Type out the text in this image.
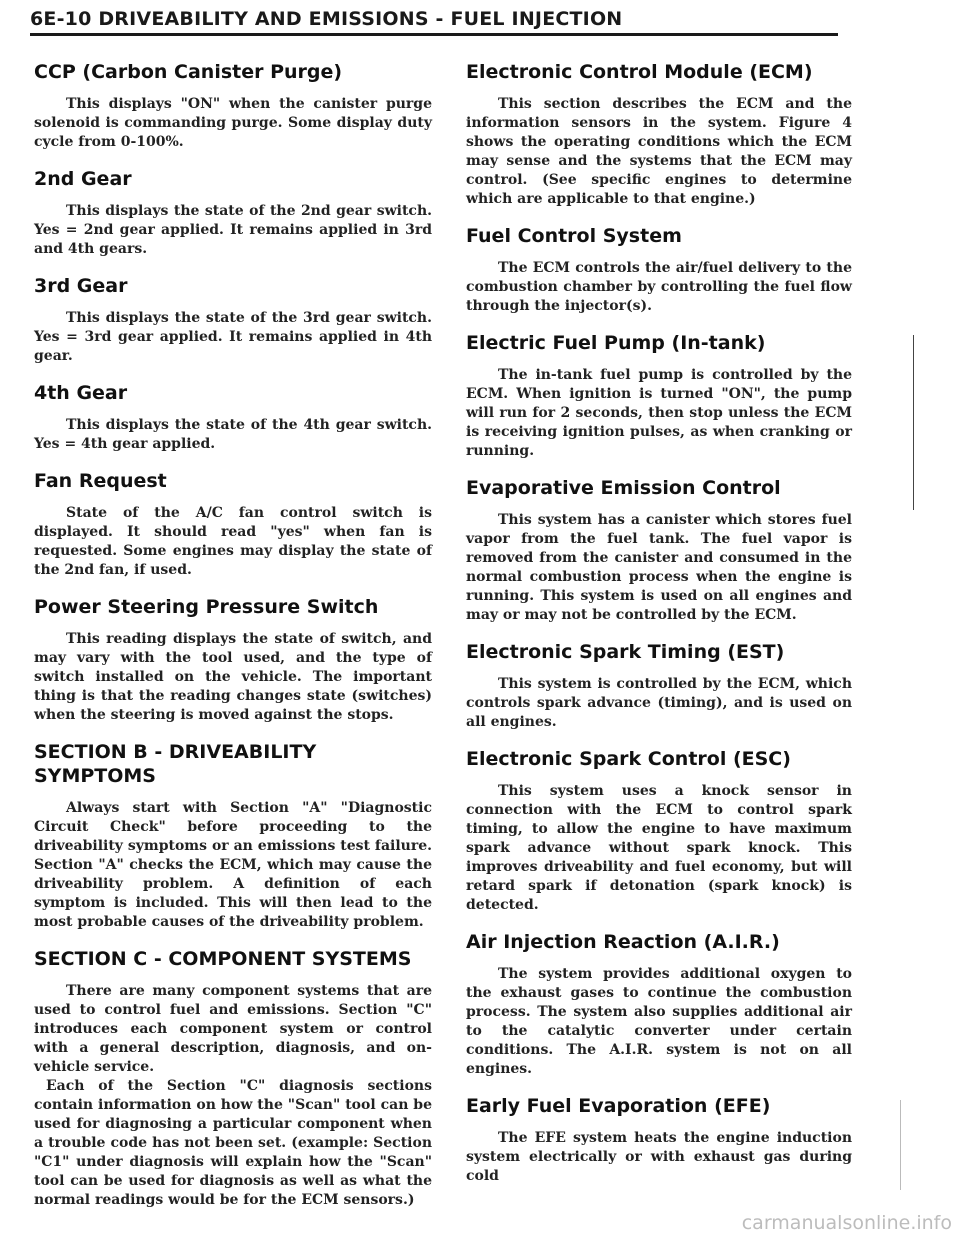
6E-10 DRIVEABILITY AND EMISSIONS - FUEL INJECTION
CCP (Carbon Canister Purge)

This displays "ON" when the canister purge solenoid is commanding purge. Some display duty cycle from 0-100%.

2nd Gear

This displays the state of the 2nd gear switch. Yes = 2nd gear applied. It remains applied in 3rd and 4th gears.

3rd Gear

This displays the state of the 3rd gear switch. Yes = 3rd gear applied. It remains applied in 4th gear.

4th Gear

This displays the state of the 4th gear switch. Yes = 4th gear applied.

Fan Request

State of the A/C fan control switch is displayed. It should read "yes" when fan is requested. Some engines may display the state of the 2nd fan, if used.

Power Steering Pressure Switch

This reading displays the state of switch, and may vary with the tool used, and the type of switch installed on the vehicle. The important thing is that the reading changes state (switches) when the steering is moved against the stops.

SECTION B - DRIVEABILITY SYMPTOMS

Always start with Section "A" "Diagnostic Circuit Check" before proceeding to the driveability symptoms or an emissions test failure. Section "A" checks the ECM, which may cause the driveability problem. A definition of each symptom is included. This will then lead to the most probable causes of the driveability problem.

SECTION C - COMPONENT SYSTEMS

There are many component systems that are used to control fuel and emissions. Section "C" introduces each component system or control with a general description, diagnosis, and on-vehicle service.

Each of the Section "C" diagnosis sections contain information on how the "Scan" tool can be used for diagnosing a particular component when a trouble code has not been set. (example: Section "C1" under diagnosis will explain how the "Scan" tool can be used for diagnosis as well as what the normal readings would be for the ECM sensors.)

Electronic Control Module (ECM)

This section describes the ECM and the information sensors in the system. Figure 4 shows the operating conditions which the ECM may sense and the systems that the ECM may control. (See specific engines to determine which are applicable to that engine.)

Fuel Control System

The ECM controls the air/fuel delivery to the combustion chamber by controlling the fuel flow through the injector(s).

Electric Fuel Pump (In-tank)

The in-tank fuel pump is controlled by the ECM. When ignition is turned "ON", the pump will run for 2 seconds, then stop unless the ECM is receiving ignition pulses, as when cranking or running.

Evaporative Emission Control

This system has a canister which stores fuel vapor from the fuel tank. The fuel vapor is removed from the canister and consumed in the normal combustion process when the engine is running. This system is used on all engines and may or may not be controlled by the ECM.

Electronic Spark Timing (EST)

This system is controlled by the ECM, which controls spark advance (timing), and is used on all engines.

Electronic Spark Control (ESC)

This system uses a knock sensor in connection with the ECM to control spark timing, to allow the engine to have maximum spark advance without spark knock. This improves driveability and fuel economy, but will retard spark if detonation (spark knock) is detected.

Air Injection Reaction (A.I.R.)

The system provides additional oxygen to the exhaust gases to continue the combustion process. The system also supplies additional air to the catalytic converter under certain conditions. The A.I.R. system is not on all engines.

Early Fuel Evaporation (EFE)

The EFE system heats the engine induction system electrically or with exhaust gas during cold

carmanualsonline.info
